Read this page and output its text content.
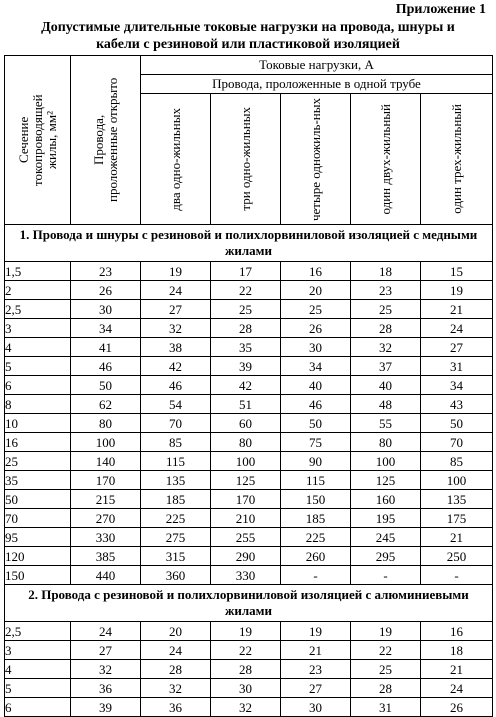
Приложение 1
Допустимые длительные токовые нагрузки на провода, шнуры и
кабели с резиновой или пластиковой изоляцией
Сечение токопроводящей жилы, мм²	Провода, проложенные открыто	Токовые нагрузки, А				
		Провода, проложенные в одной трубе				

		два одно-жильных	три одно-жильных	четыре одножиль-ных	один двух-жильный	один трех-жильный

1. Провода и шнуры с резиновой и полихлорвиниловой изоляцией с медными жилами						
1,5	23	19	17	16	18	15
2	26	24	22	20	23	19
2,5	30	27	25	25	25	21
3	34	32	28	26	28	24
4	41	38	35	30	32	27
5	46	42	39	34	37	31
6	50	46	42	40	40	34
8	62	54	51	46	48	43
10	80	70	60	50	55	50
16	100	85	80	75	80	70
25	140	115	100	90	100	85
35	170	135	125	115	125	100
50	215	185	170	150	160	135
70	270	225	210	185	195	175
95	330	275	255	225	245	21
120	385	315	290	260	295	250
150	440	360	330	-	-	-
2. Провода с резиновой и полихлорвиниловой изоляцией с алюминиевыми жилами						
2,5	24	20	19	19	19	16
3	27	24	22	21	22	18
4	32	28	28	23	25	21
5	36	32	30	27	28	24
6	39	36	32	30	31	26
